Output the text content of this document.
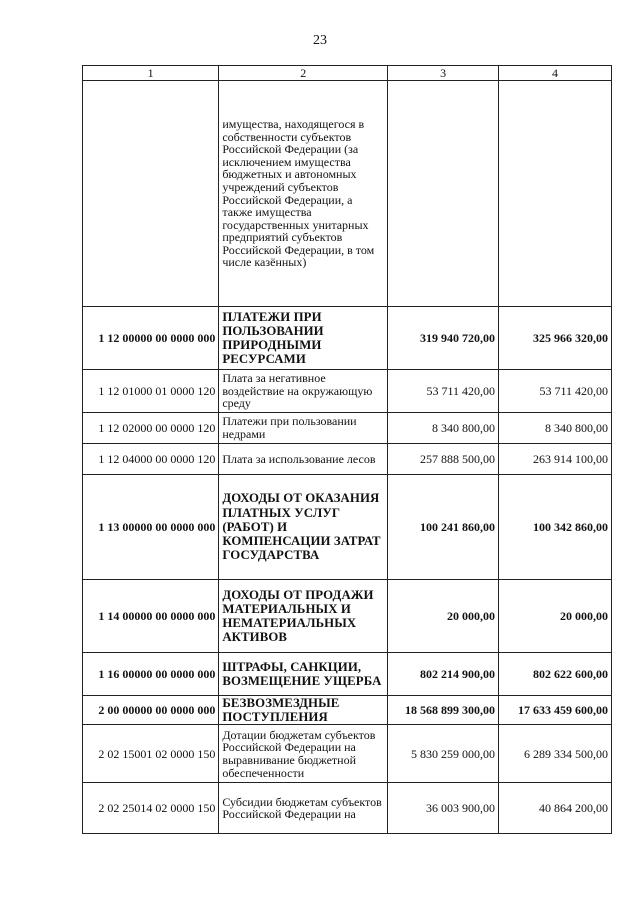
23
1	2	3	4
	имущества, находящегося в собственности субъектов Российской Федерации (за исключением имущества бюджетных и автономных учреждений субъектов Российской Федерации, а также имущества государственных унитарных предприятий субъектов Российской Федерации, в том числе казённых)		
1 12 00000 00 0000 000	ПЛАТЕЖИ ПРИ ПОЛЬЗОВАНИИ ПРИРОДНЫМИ РЕСУРСАМИ	319 940 720,00	325 966 320,00
1 12 01000 01 0000 120	Плата за негативное воздействие на окружающую среду	53 711 420,00	53 711 420,00
1 12 02000 00 0000 120	Платежи при пользовании недрами	8 340 800,00	8 340 800,00
1 12 04000 00 0000 120	Плата за использование лесов	257 888 500,00	263 914 100,00
1 13 00000 00 0000 000	ДОХОДЫ ОТ ОКАЗАНИЯ ПЛАТНЫХ УСЛУГ (РАБОТ) И КОМПЕНСАЦИИ ЗАТРАТ ГОСУДАРСТВА	100 241 860,00	100 342 860,00
1 14 00000 00 0000 000	ДОХОДЫ ОТ ПРОДАЖИ МАТЕРИАЛЬНЫХ И НЕМАТЕРИАЛЬНЫХ АКТИВОВ	20 000,00	20 000,00
1 16 00000 00 0000 000	ШТРАФЫ, САНКЦИИ, ВОЗМЕЩЕНИЕ УЩЕРБА	802 214 900,00	802 622 600,00
2 00 00000 00 0000 000	БЕЗВОЗМЕЗДНЫЕ ПОСТУПЛЕНИЯ	18 568 899 300,00	17 633 459 600,00
2 02 15001 02 0000 150	Дотации бюджетам субъектов Российской Федерации на выравнивание бюджетной обеспеченности	5 830 259 000,00	6 289 334 500,00
2 02 25014 02 0000 150	Субсидии бюджетам субъектов Российской Федерации на	36 003 900,00	40 864 200,00
